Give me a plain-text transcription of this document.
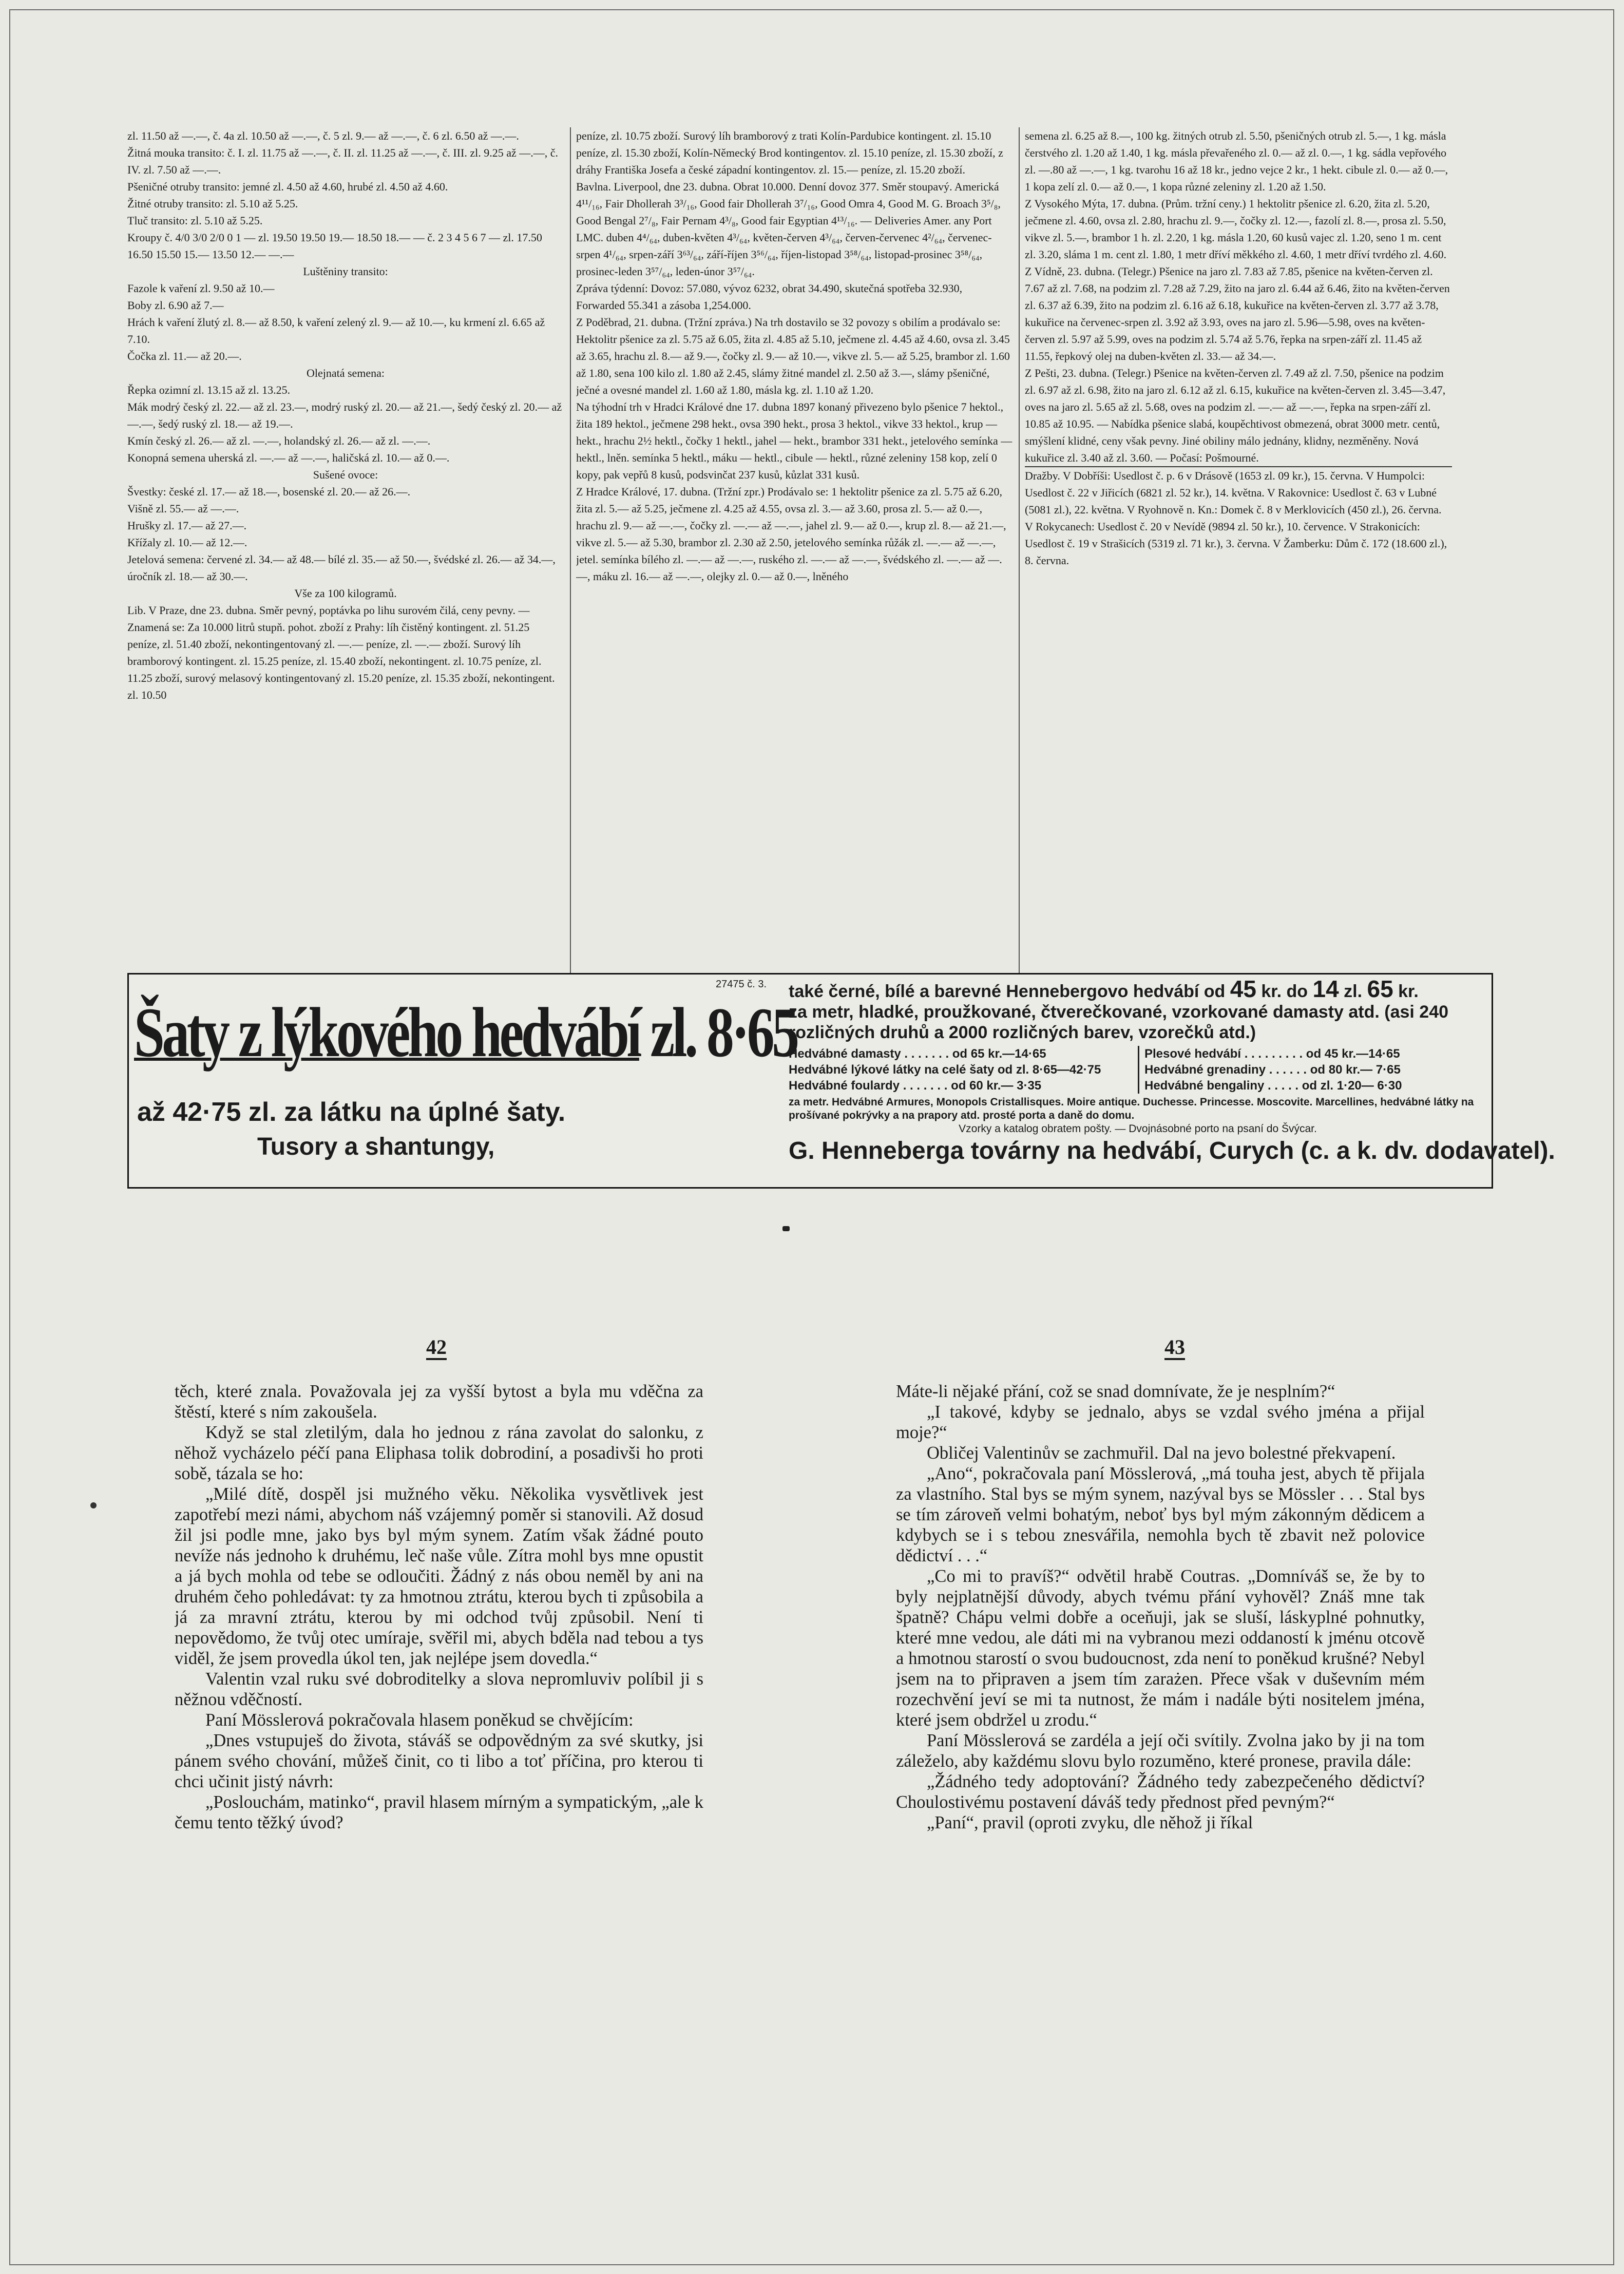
zl. 11.50 až —.—, č. 4a zl. 10.50 až —.—, č. 5 zl. 9.— až —.—, č. 6 zl. 6.50 až —.—.

Žitná mouka transito: č. I. zl. 11.75 až —.—, č. II. zl. 11.25 až —.—, č. III. zl. 9.25 až —.—, č. IV. zl. 7.50 až —.—.

Pšeničné otruby transito: jemné zl. 4.50 až 4.60, hrubé zl. 4.50 až 4.60.

Žitné otruby transito: zl. 5.10 až 5.25.

Tluč transito: zl. 5.10 až 5.25.

Kroupy č. 4/0 3/0 2/0 0 1 — zl. 19.50 19.50 19.— 18.50 18.— — č. 2 3 4 5 6 7 — zl. 17.50 16.50 15.50 15.— 13.50 12.— —.—

Luštěniny transito:

Fazole k vaření zl. 9.50 až 10.—

Boby zl. 6.90 až 7.—

Hrách k vaření žlutý zl. 8.— až 8.50, k vaření zelený zl. 9.— až 10.—, ku krmení zl. 6.65 až 7.10.

Čočka zl. 11.— až 20.—.

Olejnatá semena:

Řepka ozimní zl. 13.15 až zl. 13.25.

Mák modrý český zl. 22.— až zl. 23.—, modrý ruský zl. 20.— až 21.—, šedý český zl. 20.— až —.—, šedý ruský zl. 18.— až 19.—.

Kmín český zl. 26.— až zl. —.—, holandský zl. 26.— až zl. —.—.

Konopná semena uherská zl. —.— až —.—, haličská zl. 10.— až 0.—.

Sušené ovoce:

Švestky: české zl. 17.— až 18.—, bosenské zl. 20.— až 26.—.

Višně zl. 55.— až —.—.

Hrušky zl. 17.— až 27.—.

Křížaly zl. 10.— až 12.—.

Jetelová semena: červené zl. 34.— až 48.— bílé zl. 35.— až 50.—, švédské zl. 26.— až 34.—, úročník zl. 18.— až 30.—.

Vše za 100 kilogramů.

Lib. V Praze, dne 23. dubna. Směr pevný, poptávka po lihu surovém čilá, ceny pevny. — Znamená se: Za 10.000 litrů stupň. pohot. zboží z Prahy: líh čistěný kontingent. zl. 51.25 peníze, zl. 51.40 zboží, nekontingentovaný zl. —.— peníze, zl. —.— zboží. Surový líh bramborový kontingent. zl. 15.25 peníze, zl. 15.40 zboží, nekontingent. zl. 10.75 peníze, zl. 11.25 zboží, surový melasový kontingentovaný zl. 15.20 peníze, zl. 15.35 zboží, nekontingent. zl. 10.50

peníze, zl. 10.75 zboží. Surový líh bramborový z trati Kolín-Pardubice kontingent. zl. 15.10 peníze, zl. 15.30 zboží, Kolín-Německý Brod kontingentov. zl. 15.10 peníze, zl. 15.30 zboží, z dráhy Františka Josefa a české západní kontingentov. zl. 15.— peníze, zl. 15.20 zboží.

Bavlna. Liverpool, dne 23. dubna. Obrat 10.000. Denní dovoz 377. Směr stoupavý. Americká 4¹¹/₁₆, Fair Dhollerah 3³/₁₆, Good fair Dhollerah 3⁷/₁₆, Good Omra 4, Good M. G. Broach 3⁵/₈, Good Bengal 2⁷/₈, Fair Pernam 4³/₈, Good fair Egyptian 4¹³/₁₆. — Deliveries Amer. any Port LMC. duben 4⁴/₆₄, duben-květen 4³/₆₄, květen-červen 4³/₆₄, červen-červenec 4²/₆₄, červenec-srpen 4¹/₆₄, srpen-září 3⁶³/₆₄, září-říjen 3⁵⁶/₆₄, říjen-listopad 3⁵⁸/₆₄, listopad-prosinec 3⁵⁸/₆₄, prosinec-leden 3⁵⁷/₆₄, leden-únor 3⁵⁷/₆₄.

Zpráva týdenní: Dovoz: 57.080, vývoz 6232, obrat 34.490, skutečná spotřeba 32.930, Forwarded 55.341 a zásoba 1,254.000.

Z Poděbrad, 21. dubna. (Tržní zpráva.) Na trh dostavilo se 32 povozy s obilím a prodávalo se: Hektolitr pšenice za zl. 5.75 až 6.05, žita zl. 4.85 až 5.10, ječmene zl. 4.45 až 4.60, ovsa zl. 3.45 až 3.65, hrachu zl. 8.— až 9.—, čočky zl. 9.— až 10.—, vikve zl. 5.— až 5.25, brambor zl. 1.60 až 1.80, sena 100 kilo zl. 1.80 až 2.45, slámy žitné mandel zl. 2.50 až 3.—, slámy pšeničné, ječné a ovesné mandel zl. 1.60 až 1.80, másla kg. zl. 1.10 až 1.20.

Na týhodní trh v Hradci Králové dne 17. dubna 1897 konaný přivezeno bylo pšenice 7 hektol., žita 189 hektol., ječmene 298 hekt., ovsa 390 hekt., prosa 3 hektol., vikve 33 hektol., krup — hekt., hrachu 2½ hektl., čočky 1 hektl., jahel — hekt., brambor 331 hekt., jetelového semínka — hektl., lněn. semínka 5 hektl., máku — hektl., cibule — hektl., různé zeleniny 158 kop, zelí 0 kopy, pak vepřů 8 kusů, podsvinčat 237 kusů, kůzlat 331 kusů.

Z Hradce Králové, 17. dubna. (Tržní zpr.) Prodávalo se: 1 hektolitr pšenice za zl. 5.75 až 6.20, žita zl. 5.— až 5.25, ječmene zl. 4.25 až 4.55, ovsa zl. 3.— až 3.60, prosa zl. 5.— až 0.—, hrachu zl. 9.— až —.—, čočky zl. —.— až —.—, jahel zl. 9.— až 0.—, krup zl. 8.— až 21.—, vikve zl. 5.— až 5.30, brambor zl. 2.30 až 2.50, jetelového semínka růžák zl. —.— až —.—, jetel. semínka bílého zl. —.— až —.—, ruského zl. —.— až —.—, švédského zl. —.— až —.—, máku zl. 16.— až —.—, olejky zl. 0.— až 0.—, lněného

semena zl. 6.25 až 8.—, 100 kg. žitných otrub zl. 5.50, pšeničných otrub zl. 5.—, 1 kg. másla čerstvého zl. 1.20 až 1.40, 1 kg. másla převařeného zl. 0.— až zl. 0.—, 1 kg. sádla vepřového zl. —.80 až —.—, 1 kg. tvarohu 16 až 18 kr., jedno vejce 2 kr., 1 hekt. cibule zl. 0.— až 0.—, 1 kopa zelí zl. 0.— až 0.—, 1 kopa různé zeleniny zl. 1.20 až 1.50.

Z Vysokého Mýta, 17. dubna. (Prům. tržní ceny.) 1 hektolitr pšenice zl. 6.20, žita zl. 5.20, ječmene zl. 4.60, ovsa zl. 2.80, hrachu zl. 9.—, čočky zl. 12.—, fazolí zl. 8.—, prosa zl. 5.50, vikve zl. 5.—, brambor 1 h. zl. 2.20, 1 kg. másla 1.20, 60 kusů vajec zl. 1.20, seno 1 m. cent zl. 3.20, sláma 1 m. cent zl. 1.80, 1 metr dříví měkkého zl. 4.60, 1 metr dříví tvrdého zl. 4.60.

Z Vídně, 23. dubna. (Telegr.) Pšenice na jaro zl. 7.83 až 7.85, pšenice na květen-červen zl. 7.67 až zl. 7.68, na podzim zl. 7.28 až 7.29, žito na jaro zl. 6.44 až 6.46, žito na květen-červen zl. 6.37 až 6.39, žito na podzim zl. 6.16 až 6.18, kukuřice na květen-červen zl. 3.77 až 3.78, kukuřice na červenec-srpen zl. 3.92 až 3.93, oves na jaro zl. 5.96—5.98, oves na květen-červen zl. 5.97 až 5.99, oves na podzim zl. 5.74 až 5.76, řepka na srpen-září zl. 11.45 až 11.55, řepkový olej na duben-květen zl. 33.— až 34.—.

Z Pešti, 23. dubna. (Telegr.) Pšenice na květen-červen zl. 7.49 až zl. 7.50, pšenice na podzim zl. 6.97 až zl. 6.98, žito na jaro zl. 6.12 až zl. 6.15, kukuřice na květen-červen zl. 3.45—3.47, oves na jaro zl. 5.65 až zl. 5.68, oves na podzim zl. —.— až —.—, řepka na srpen-září zl. 10.85 až 10.95. — Nabídka pšenice slabá, koupěchtivost obmezená, obrat 3000 metr. centů, smýšlení klidné, ceny však pevny. Jiné obiliny málo jednány, klidny, nezměněny. Nová kukuřice zl. 3.40 až zl. 3.60. — Počasí: Pošmourné.

Dražby. V Dobříši: Usedlost č. p. 6 v Drásově (1653 zl. 09 kr.), 15. června. V Humpolci: Usedlost č. 22 v Jiřicích (6821 zl. 52 kr.), 14. května. V Rakovnice: Usedlost č. 63 v Lubné (5081 zl.), 22. května. V Ryohnově n. Kn.: Domek č. 8 v Merklovicích (450 zl.), 26. června. V Rokycanech: Usedlost č. 20 v Nevídě (9894 zl. 50 kr.), 10. července. V Strakonicích: Usedlost č. 19 v Strašicích (5319 zl. 71 kr.), 3. června. V Žamberku: Dům č. 172 (18.600 zl.), 8. června.

27475 č. 3.
Šaty z lýkového hedvábí zl. 8·65
až 42·75 zl. za látku na úplné šaty.
Tusory a shantungy,
také černé, bílé a barevné Hennebergovo hedvábí od 45 kr. do 14 zl. 65 kr.
za metr, hladké, proužkované, čtverečkované, vzorkované damasty atd. (asi 240 rozličných druhů a 2000 rozličných barev, vzorečků atd.)
Hedvábné damasty . . . . . . . od 65 kr.—14·65	Plesové hedvábí . . . . . . . . . od 45 kr.—14·65
Hedvábné lýkové látky na celé šaty od zl. 8·65—42·75	Hedvábné grenadiny . . . . . . od 80 kr.— 7·65
Hedvábné foulardy . . . . . . . od 60 kr.— 3·35	Hedvábné bengaliny . . . . . od zl. 1·20— 6·30
za metr. Hedvábné Armures, Monopols Cristallisques. Moire antique. Duchesse. Princesse. Moscovite. Marcellines, hedvábné látky na prošívané pokrývky a na prapory atd. prosté porta a daně do domu.
Vzorky a katalog obratem pošty. — Dvojnásobné porto na psaní do Švýcar.
G. Henneberga továrny na hedvábí, Curych (c. a k. dv. dodavatel).
42	43

těch, které znala. Považovala jej za vyšší bytost a byla mu vděčna za štěstí, které s ním zakoušela.

Když se stal zletilým, dala ho jednou z rána zavolat do salonku, z něhož vycházelo péčí pana Eliphasa tolik dobrodiní, a posadivši ho proti sobě, tázala se ho:

„Milé dítě, dospěl jsi mužného věku. Několika vysvětlivek jest zapotřebí mezi námi, abychom náš vzájemný poměr si stanovili. Až dosud žil jsi podle mne, jako bys byl mým synem. Zatím však žádné pouto nevíže nás jednoho k druhému, leč naše vůle. Zítra mohl bys mne opustit a já bych mohla od tebe se odloučiti. Žádný z nás obou neměl by ani na druhém čeho pohledávat: ty za hmotnou ztrátu, kterou bych ti způsobila a já za mravní ztrátu, kterou by mi odchod tvůj způsobil. Není ti nepovědomo, že tvůj otec umíraje, svěřil mi, abych bděla nad tebou a tys viděl, že jsem provedla úkol ten, jak nejlépe jsem dovedla.“

Valentin vzal ruku své dobroditelky a slova nepromluviv políbil ji s něžnou vděčností.

Paní Mösslerová pokračovala hlasem poněkud se chvějícím:

„Dnes vstupuješ do života, stáváš se odpovědným za své skutky, jsi pánem svého chování, můžeš činit, co ti libo a toť příčina, pro kterou ti chci učinit jistý návrh:

„Poslouchám, matinko“, pravil hlasem mírným a sympatickým, „ale k čemu tento těžký úvod?

Máte-li nějaké přání, což se snad domnívate, že je nesplním?“

„I takové, kdyby se jednalo, abys se vzdal svého jména a přijal moje?“

Obličej Valentinův se zachmuřil. Dal na jevo bolestné překvapení.

„Ano“, pokračovala paní Mösslerová, „má touha jest, abych tě přijala za vlastního. Stal bys se mým synem, nazýval bys se Mössler . . . Stal bys se tím zároveň velmi bohatým, neboť bys byl mým zákonným dědicem a kdybych se i s tebou znesvářila, nemohla bych tě zbavit než polovice dědictví . . .“

„Co mi to pravíš?“ odvětil hrabě Coutras. „Domníváš se, že by to byly nejplatnější důvody, abych tvému přání vyhověl? Znáš mne tak špatně? Chápu velmi dobře a oceňuji, jak se sluší, láskyplné pohnutky, které mne vedou, ale dáti mi na vybranou mezi oddaností k jménu otcově a hmotnou starostí o svou budoucnost, zda není to poněkud krušné? Nebyl jsem na to připraven a jsem tím zarażen. Přece však v duševním mém rozechvění jeví se mi ta nutnost, že mám i nadále býti nositelem jména, které jsem obdržel u zrodu.“

Paní Mösslerová se zardéla a její oči svítily. Zvolna jako by ji na tom záleželo, aby každému slovu bylo rozuměno, které pronese, pravila dále:

„Žádného tedy adoptování? Žádného tedy zabezpečeného dědictví? Choulostivému postavení dáváš tedy přednost před pevným?“

„Paní“, pravil (oproti zvyku, dle něhož ji říkal
